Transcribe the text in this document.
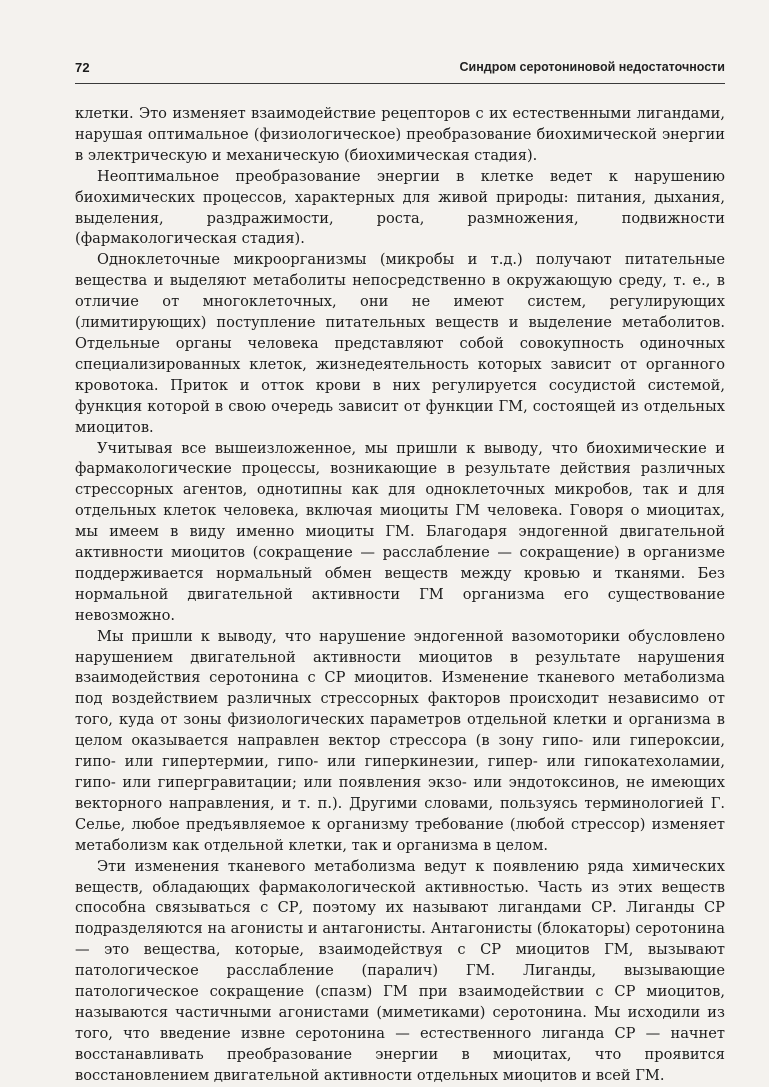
72	Синдром серотониновой недостаточности

клетки. Это изменяет взаимодействие рецепторов с их естественными лигандами, нарушая оптимальное (физиологическое) преобразование биохимической энергии в электрическую и механическую (биохимическая стадия).

Неоптимальное преобразование энергии в клетке ведет к нарушению биохимических процессов, характерных для живой природы: питания, дыхания, выделения, раздражимости, роста, размножения, подвижности (фармакологическая стадия).

Одноклеточные микроорганизмы (микробы и т.д.) получают питательные вещества и выделяют метаболиты непосредственно в окружающую среду, т. е., в отличие от многоклеточных, они не имеют систем, регулирующих (лимитирующих) поступление питательных веществ и выделение метаболитов. Отдельные органы человека представляют собой совокупность одиночных специализированных клеток, жизнедеятельность которых зависит от органного кровотока. Приток и отток крови в них регулируется сосудистой системой, функция которой в свою очередь зависит от функции ГМ, состоящей из отдельных миоцитов.

Учитывая все вышеизложенное, мы пришли к выводу, что биохимические и фармакологические процессы, возникающие в результате действия различных стрессорных агентов, однотипны как для одноклеточных микробов, так и для отдельных клеток человека, включая миоциты ГМ человека. Говоря о миоцитах, мы имеем в виду именно миоциты ГМ. Благодаря эндогенной двигательной активности миоцитов (сокращение — расслабление — сокращение) в организме поддерживается нормальный обмен веществ между кровью и тканями. Без нормальной двигательной активности ГМ организма его существование невозможно.

Мы пришли к выводу, что нарушение эндогенной вазомоторики обусловлено нарушением двигательной активности миоцитов в результате нарушения взаимодействия серотонина с СР миоцитов. Изменение тканевого метаболизма под воздействием различных стрессорных факторов происходит независимо от того, куда от зоны физиологических параметров отдельной клетки и организма в целом оказывается направлен вектор стрессора (в зону гипо- или гипероксии, гипо- или гипертермии, гипо- или гиперкинезии, гипер- или гипокатехоламии, гипо- или гипергравитации; или появления экзо- или эндотоксинов, не имеющих векторного направления, и т. п.). Другими словами, пользуясь терминологией Г. Селье, любое предъявляемое к организму требование (любой стрессор) изменяет метаболизм как отдельной клетки, так и организма в целом.

Эти изменения тканевого метаболизма ведут к появлению ряда химических веществ, обладающих фармакологической активностью. Часть из этих веществ способна связываться с СР, поэтому их называют лигандами СР. Лиганды СР подразделяются на агонисты и антагонисты. Антагонисты (блокаторы) серотонина — это вещества, которые, взаимодействуя с СР миоцитов ГМ, вызывают патологическое расслабление (паралич) ГМ. Лиганды, вызывающие патологическое сокращение (спазм) ГМ при взаимодействии с СР миоцитов, называются частичными агонистами (миметиками) серотонина. Мы исходили из того, что введение извне серотонина — естественного лиганда СР — начнет восстанавливать преобразование энергии в миоцитах, что проявится восстановлением двигательной активности отдельных миоцитов и всей ГМ.
